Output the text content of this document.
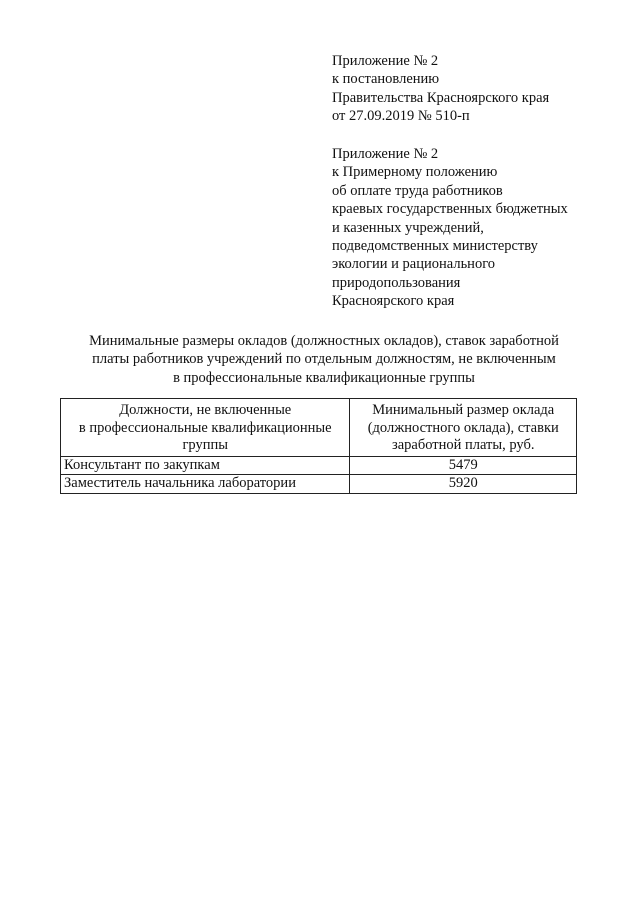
Приложение № 2
к постановлению
Правительства Красноярского края
от 27.09.2019 № 510-п
Приложение № 2
к Примерному положению
об оплате труда работников
краевых государственных бюджетных
и казенных учреждений,
подведомственных министерству
экологии и рационального
природопользования
Красноярского края
Минимальные размеры окладов (должностных окладов), ставок заработной
платы работников учреждений по отдельным должностям, не включенным
в профессиональные квалификационные группы
Должности, не включенные
в профессиональные квалификационные
группы	Минимальный размер оклада
(должностного оклада), ставки
заработной платы, руб.

Консультант по закупкам	5479
Заместитель начальника лаборатории	5920
